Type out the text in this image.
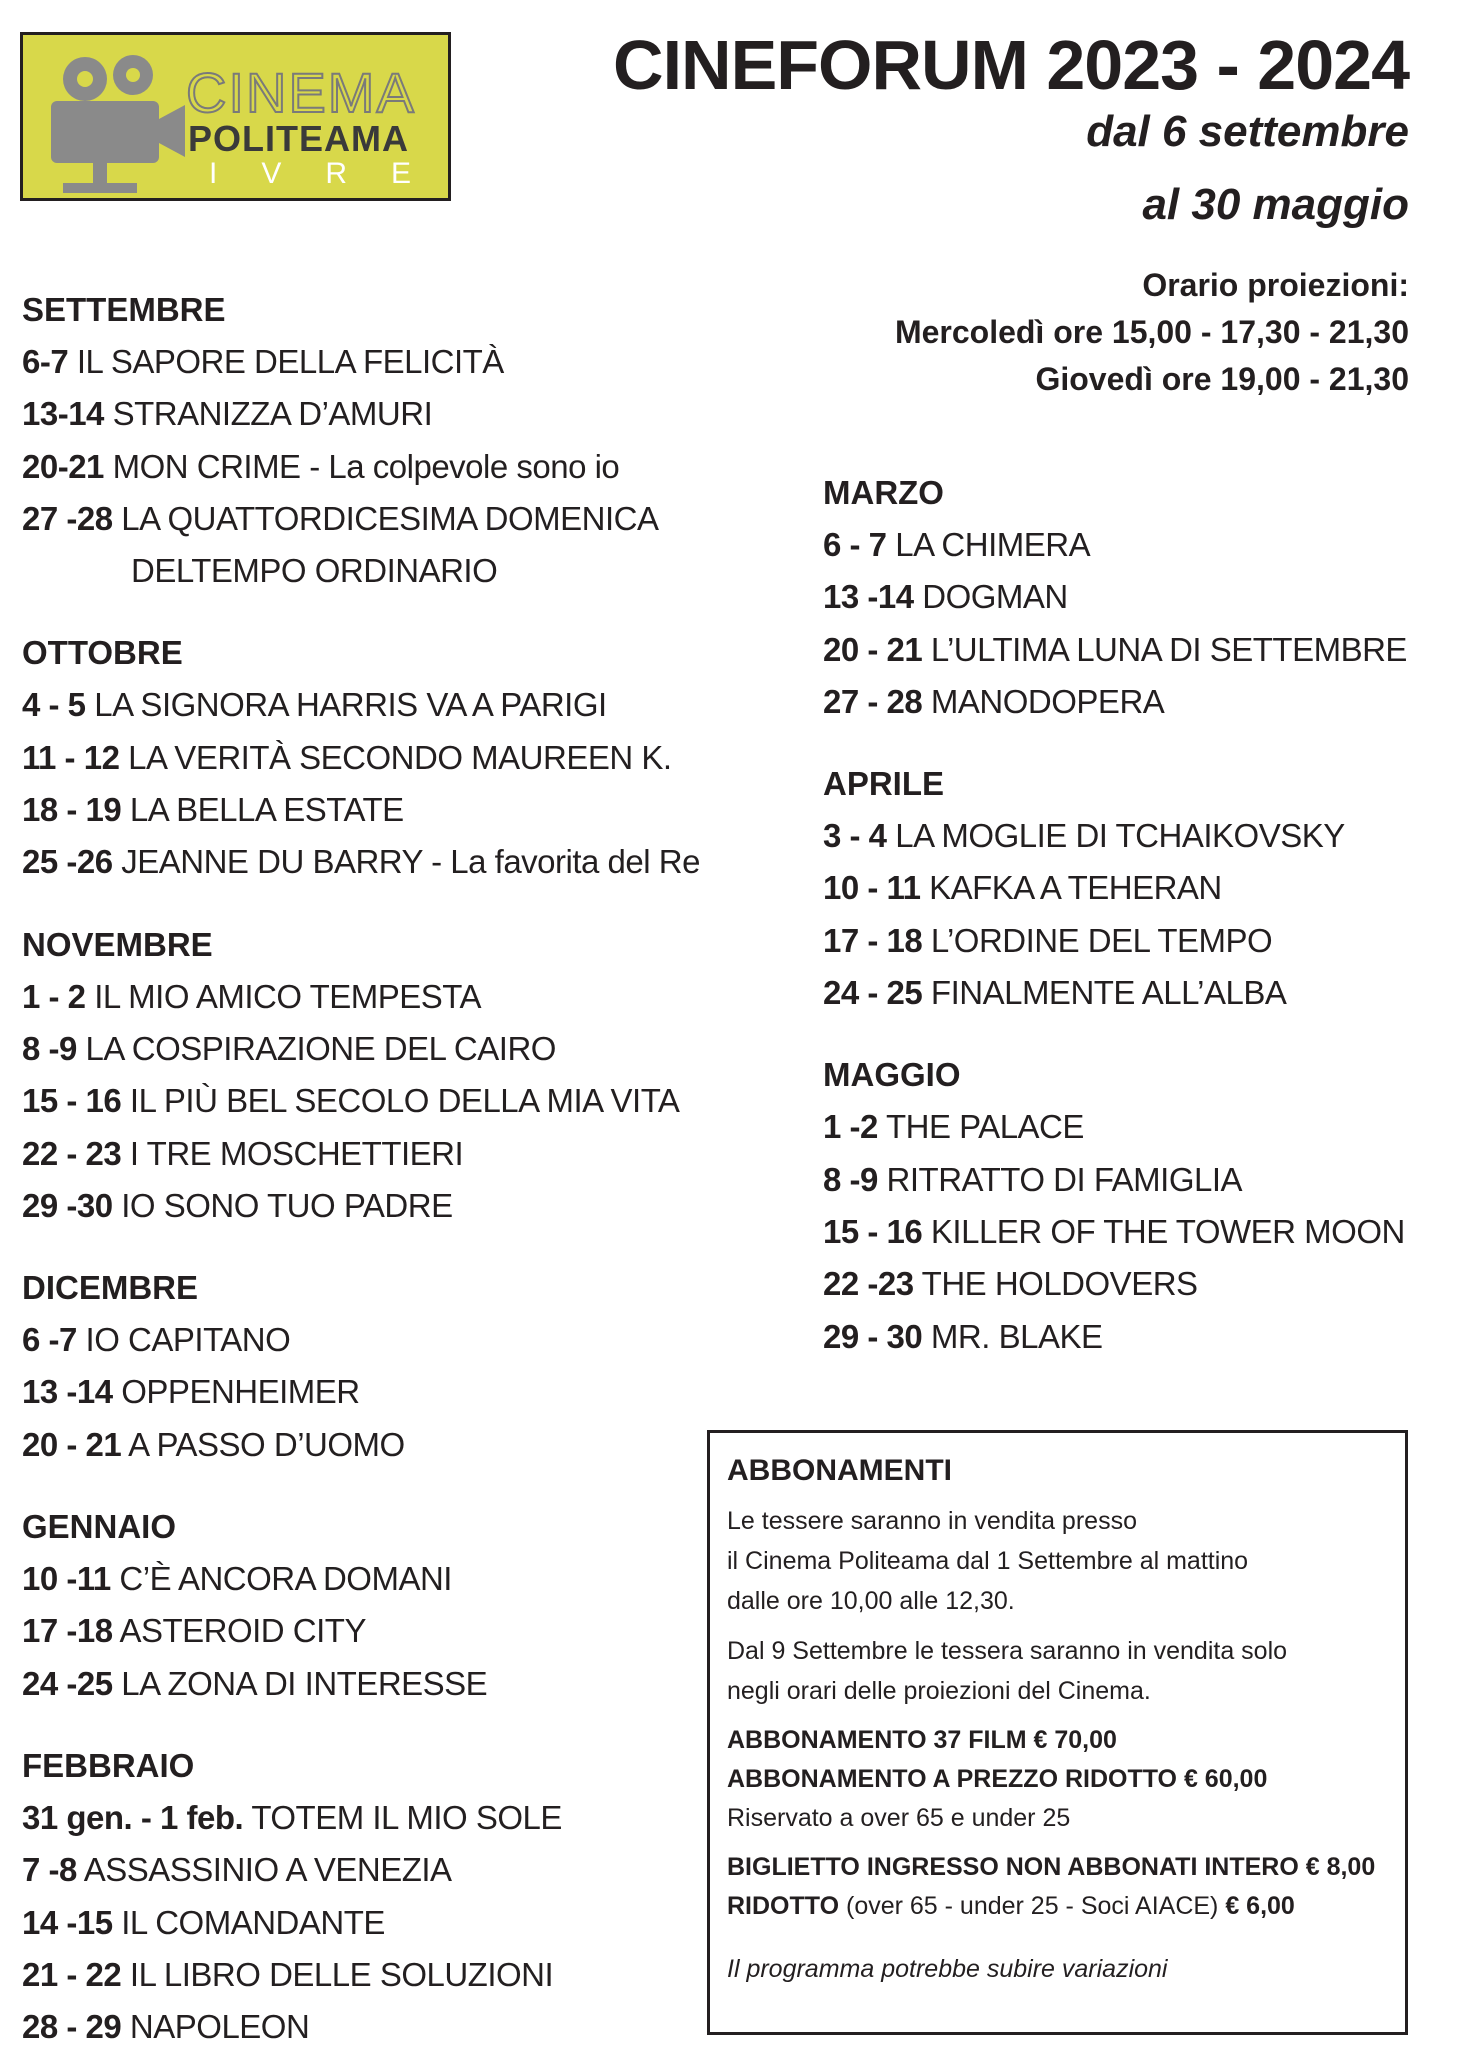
CINEMA
POLITEAMA
IVREA
CINEFORUM 2023 - 2024
dal 6 settembre
al 30 maggio
Orario proiezioni:
Mercoledì ore 15,00 - 17,30 - 21,30
Giovedì ore 19,00 - 21,30
SETTEMBRE
6-7 IL SAPORE DELLA FELICITÀ
13-14 STRANIZZA D’AMURI
20-21 MON CRIME - La colpevole sono io
27 -28 LA QUATTORDICESIMA DOMENICA
DELTEMPO ORDINARIO
OTTOBRE
4 - 5 LA SIGNORA HARRIS VA A PARIGI
11 - 12 LA VERITÀ SECONDO MAUREEN K.
18 - 19 LA BELLA ESTATE
25 -26 JEANNE DU BARRY - La favorita del Re
NOVEMBRE
1 - 2 IL MIO AMICO TEMPESTA
8 -9 LA COSPIRAZIONE DEL CAIRO
15 - 16 IL PIÙ BEL SECOLO DELLA MIA VITA
22 - 23 I TRE MOSCHETTIERI
29 -30 IO SONO TUO PADRE
DICEMBRE
6 -7 IO CAPITANO
13 -14 OPPENHEIMER
20 - 21 A PASSO D’UOMO
GENNAIO
10 -11 C’È ANCORA DOMANI
17 -18 ASTEROID CITY
24 -25 LA ZONA DI INTERESSE
FEBBRAIO
31 gen. - 1 feb. TOTEM IL MIO SOLE
7 -8 ASSASSINIO A VENEZIA
14 -15 IL COMANDANTE
21 - 22 IL LIBRO DELLE SOLUZIONI
28 - 29 NAPOLEON
MARZO
6 - 7 LA CHIMERA
13 -14 DOGMAN
20 - 21 L’ULTIMA LUNA DI SETTEMBRE
27 - 28 MANODOPERA
APRILE
3 - 4 LA MOGLIE DI TCHAIKOVSKY
10 - 11 KAFKA A TEHERAN
17 - 18 L’ORDINE DEL TEMPO
24 - 25 FINALMENTE ALL’ALBA
MAGGIO
1 -2 THE PALACE
8 -9 RITRATTO DI FAMIGLIA
15 - 16 KILLER OF THE TOWER MOON
22 -23 THE HOLDOVERS
29 - 30 MR. BLAKE
ABBONAMENTI

Le tessere saranno in vendita presso
il Cinema Politeama dal 1 Settembre al mattino
dalle ore 10,00 alle 12,30.

Dal 9 Settembre le tessera saranno in vendita solo
negli orari delle proiezioni del Cinema.

ABBONAMENTO 37 FILM € 70,00
ABBONAMENTO A PREZZO RIDOTTO € 60,00
Riservato a over 65 e under 25
BIGLIETTO INGRESSO NON ABBONATI INTERO € 8,00
RIDOTTO (over 65 - under 25 - Soci AIACE) € 6,00
Il programma potrebbe subire variazioni
